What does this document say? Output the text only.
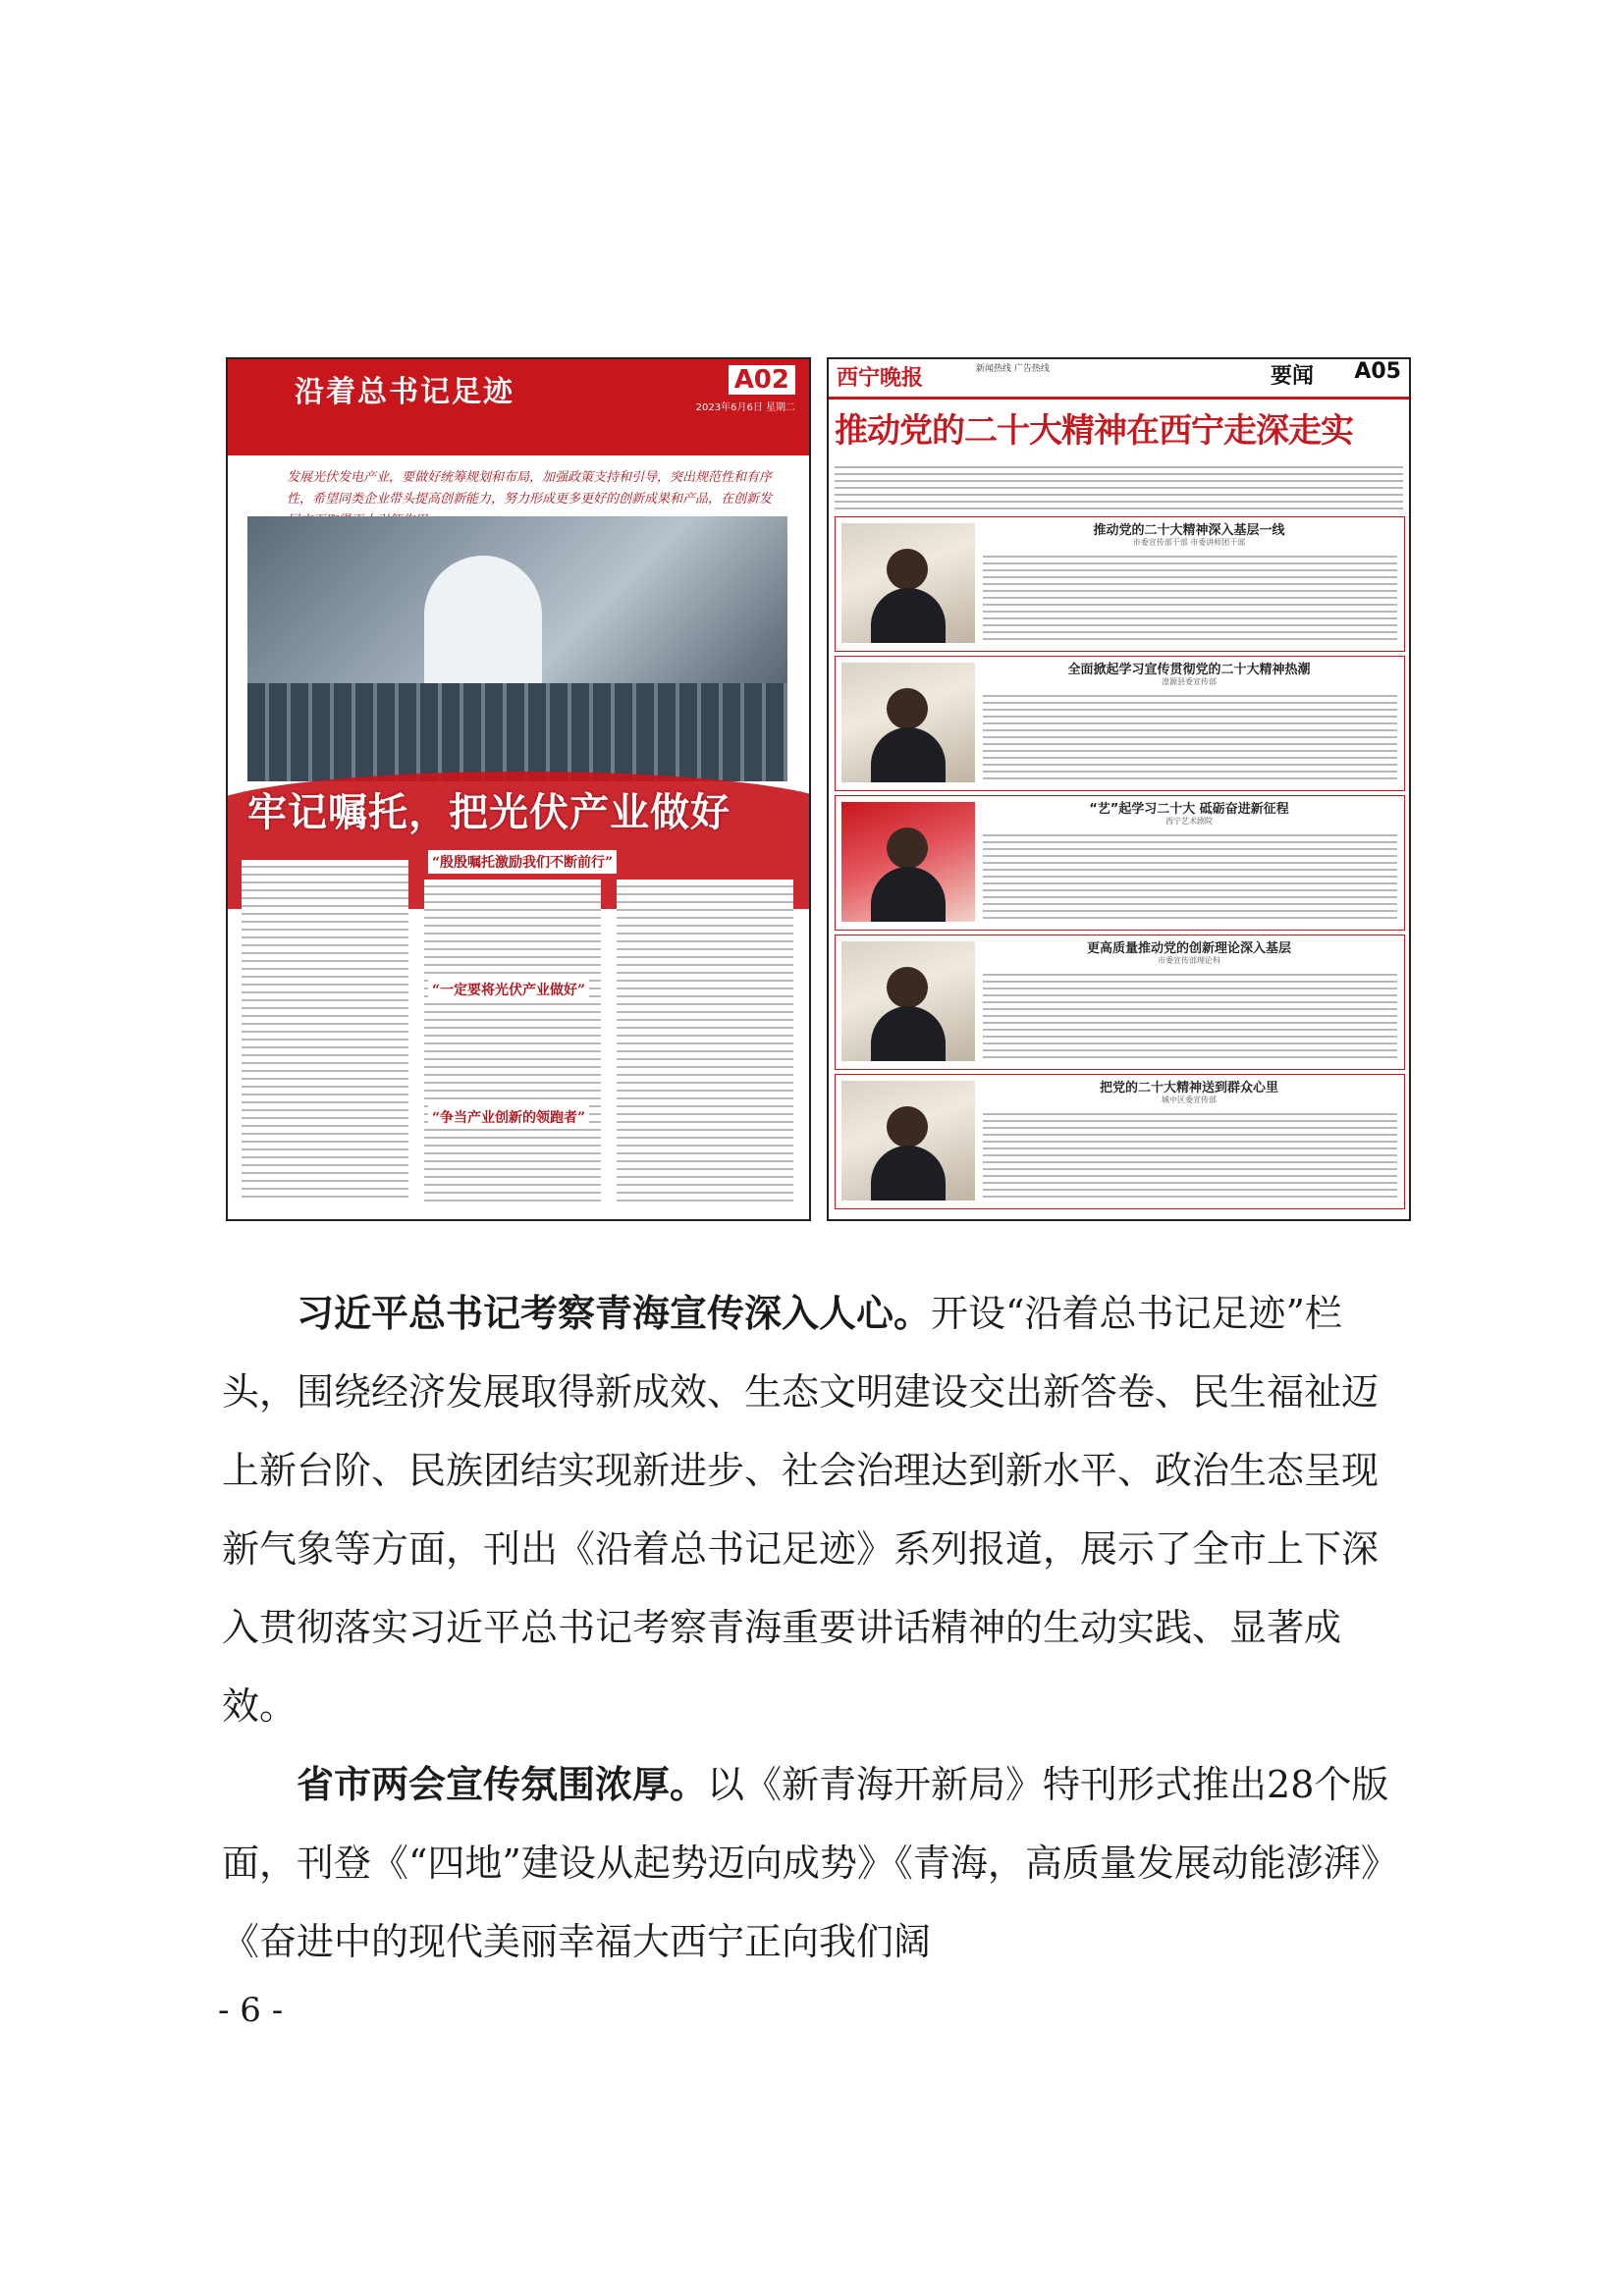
沿着总书记足迹	A02
2023年6月6日 星期二
发展光伏发电产业，要做好统筹规划和布局，加强政策支持和引导，突出规范性和有序性，希望同类企业带头提高创新能力，努力形成更多更好的创新成果和产品，在创新发
牢记嘱托，把光伏产业做好
“殷殷嘱托激励我们不断前行”
“一定要将光伏产业做好”
“争当产业创新的领跑者”
西宁晚报	新闻热线 广告热线	要闻 A05
推动党的二十大精神在西宁走深走实
推动党的二十大精神深入基层一线
市委宣传部干部 市委讲师团干部
全面掀起学习宣传贯彻党的二十大精神热潮
湟源县委宣传部
“艺”起学习二十大 砥砺奋进新征程
西宁艺术剧院
更高质量推动党的创新理论深入基层
市委宣传部理论科
把党的二十大精神送到群众心里
城中区委宣传部
习近平总书记考察青海宣传深入人心。开设“沿着总书记足迹”栏头，围绕经济发展取得新成效、生态文明建设交出新答卷、民生福祉迈上新台阶、民族团结实现新进步、社会治理达到新水平、政治生态呈现新气象等方面，刊出《沿着总书记足迹》系列报道，展示了全市上下深入贯彻落实习近平总书记考察青海重要讲话精神的生动实践、显著成效。
省市两会宣传氛围浓厚。以《新青海开新局》特刊形式推出28个版面，刊登《“四地”建设从起势迈向成势》《青海，高质量发展动能澎湃》《奋进中的现代美丽幸福大西宁正向我们阔
- 6 -
